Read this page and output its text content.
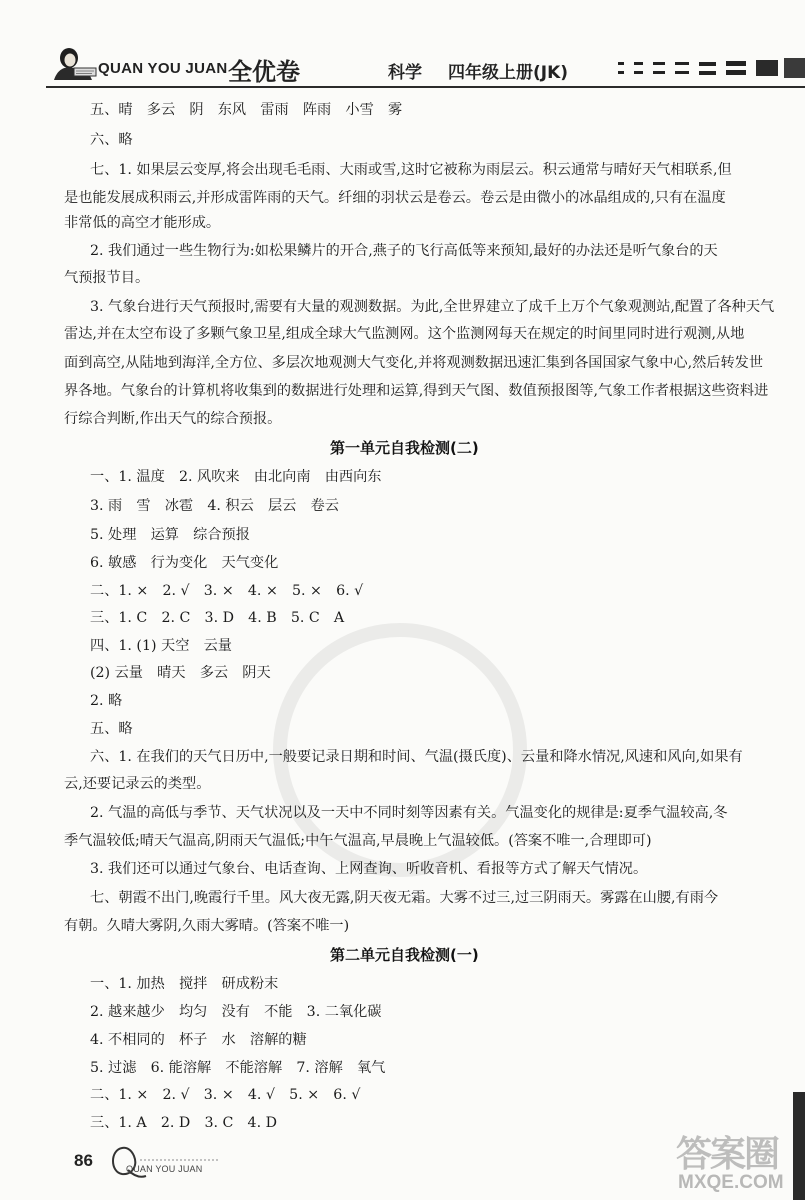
QUAN YOU JUAN 全优卷	科学 四年级上册(JK)
五、晴　多云　阴　东风　雷雨　阵雨　小雪　雾
六、略
七、1. 如果层云变厚,将会出现毛毛雨、大雨或雪,这时它被称为雨层云。积云通常与晴好天气相联系,但
是也能发展成积雨云,并形成雷阵雨的天气。纤细的羽状云是卷云。卷云是由微小的冰晶组成的,只有在温度
非常低的高空才能形成。
2. 我们通过一些生物行为:如松果鳞片的开合,燕子的飞行高低等来预知,最好的办法还是听气象台的天
气预报节目。
3. 气象台进行天气预报时,需要有大量的观测数据。为此,全世界建立了成千上万个气象观测站,配置了各种天气
雷达,并在太空布设了多颗气象卫星,组成全球大气监测网。这个监测网每天在规定的时间里同时进行观测,从地
面到高空,从陆地到海洋,全方位、多层次地观测大气变化,并将观测数据迅速汇集到各国国家气象中心,然后转发世
界各地。气象台的计算机将收集到的数据进行处理和运算,得到天气图、数值预报图等,气象工作者根据这些资料进
行综合判断,作出天气的综合预报。
第一单元自我检测(二)
一、1. 温度　2. 风吹来　由北向南　由西向东
3. 雨　雪　冰雹　4. 积云　层云　卷云
5. 处理　运算　综合预报
6. 敏感　行为变化　天气变化
二、1. ×　2. √　3. ×　4. ×　5. ×　6. √
三、1. C　2. C　3. D　4. B　5. C　A
四、1. (1) 天空　云量
(2) 云量　晴天　多云　阴天
2. 略
五、略
六、1. 在我们的天气日历中,一般要记录日期和时间、气温(摄氏度)、云量和降水情况,风速和风向,如果有
云,还要记录云的类型。
2. 气温的高低与季节、天气状况以及一天中不同时刻等因素有关。气温变化的规律是:夏季气温较高,冬
季气温较低;晴天气温高,阴雨天气温低;中午气温高,早晨晚上气温较低。(答案不唯一,合理即可)
3. 我们还可以通过气象台、电话查询、上网查询、听收音机、看报等方式了解天气情况。
七、朝霞不出门,晚霞行千里。风大夜无露,阴天夜无霜。大雾不过三,过三阴雨天。雾露在山腰,有雨今
有朝。久晴大雾阴,久雨大雾晴。(答案不唯一)
第二单元自我检测(一)
一、1. 加热　搅拌　研成粉末
2. 越来越少　均匀　没有　不能　3. 二氧化碳
4. 不相同的　杯子　水　溶解的糖
5. 过滤　6. 能溶解　不能溶解　7. 溶解　氧气
二、1. ×　2. √　3. ×　4. √　5. ×　6. √
三、1. A　2. D　3. C　4. D
86	QUAN YOU JUAN	答案圈
MXQE.COM
